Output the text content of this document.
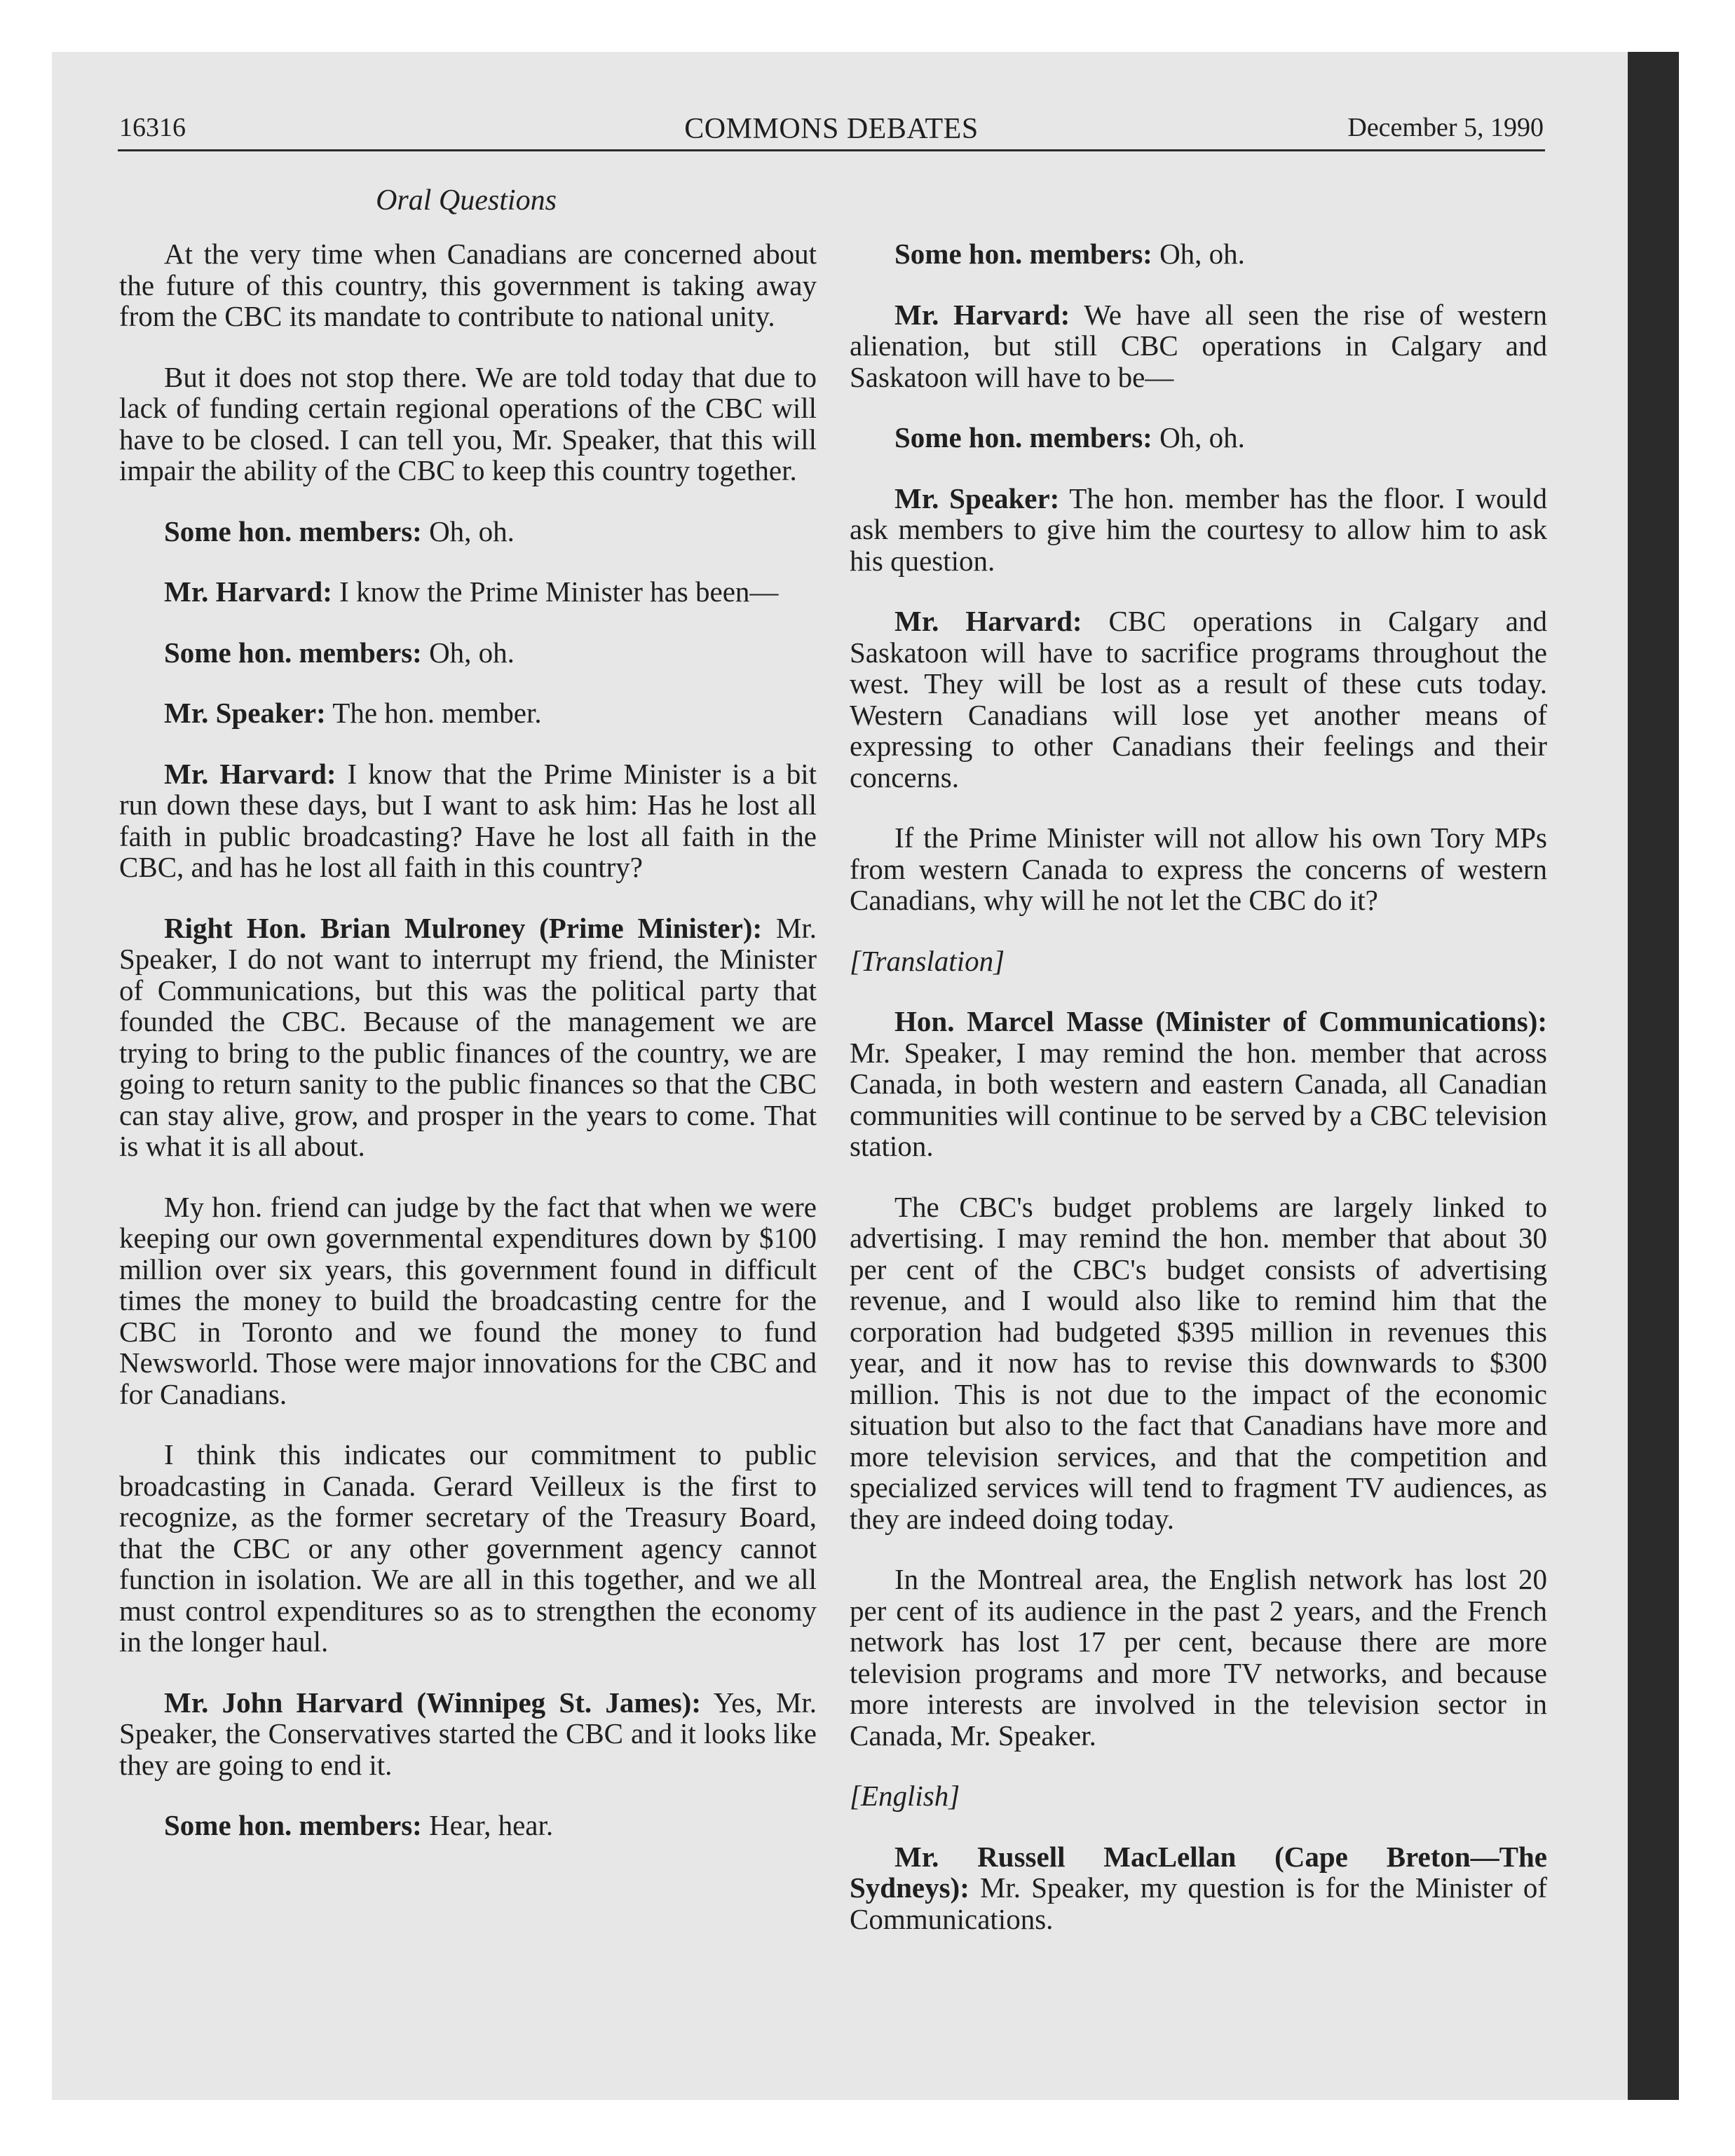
16316	COMMONS DEBATES	December 5, 1990
Oral Questions

At the very time when Canadians are concerned about the future of this country, this government is taking away from the CBC its mandate to contribute to national unity.

But it does not stop there. We are told today that due to lack of funding certain regional operations of the CBC will have to be closed. I can tell you, Mr. Speaker, that this will impair the ability of the CBC to keep this country together.

Some hon. members: Oh, oh.

Mr. Harvard: I know the Prime Minister has been—

Some hon. members: Oh, oh.

Mr. Speaker: The hon. member.

Mr. Harvard: I know that the Prime Minister is a bit run down these days, but I want to ask him: Has he lost all faith in public broadcasting? Have he lost all faith in the CBC, and has he lost all faith in this country?

Right Hon. Brian Mulroney (Prime Minister): Mr. Speaker, I do not want to interrupt my friend, the Minister of Communications, but this was the political party that founded the CBC. Because of the management we are trying to bring to the public finances of the country, we are going to return sanity to the public finances so that the CBC can stay alive, grow, and prosper in the years to come. That is what it is all about.

My hon. friend can judge by the fact that when we were keeping our own governmental expenditures down by $100 million over six years, this government found in difficult times the money to build the broadcasting centre for the CBC in Toronto and we found the money to fund Newsworld. Those were major innovations for the CBC and for Canadians.

I think this indicates our commitment to public broadcasting in Canada. Gerard Veilleux is the first to recognize, as the former secretary of the Treasury Board, that the CBC or any other government agency cannot function in isolation. We are all in this together, and we all must control expenditures so as to strengthen the economy in the longer haul.

Mr. John Harvard (Winnipeg St. James): Yes, Mr. Speaker, the Conservatives started the CBC and it looks like they are going to end it.

Some hon. members: Hear, hear.

Some hon. members: Oh, oh.

Mr. Harvard: We have all seen the rise of western alienation, but still CBC operations in Calgary and Saskatoon will have to be—

Some hon. members: Oh, oh.

Mr. Speaker: The hon. member has the floor. I would ask members to give him the courtesy to allow him to ask his question.

Mr. Harvard: CBC operations in Calgary and Saskatoon will have to sacrifice programs throughout the west. They will be lost as a result of these cuts today. Western Canadians will lose yet another means of expressing to other Canadians their feelings and their concerns.

If the Prime Minister will not allow his own Tory MPs from western Canada to express the concerns of western Canadians, why will he not let the CBC do it?

[Translation]

Hon. Marcel Masse (Minister of Communications): Mr. Speaker, I may remind the hon. member that across Canada, in both western and eastern Canada, all Canadian communities will continue to be served by a CBC television station.

The CBC's budget problems are largely linked to advertising. I may remind the hon. member that about 30 per cent of the CBC's budget consists of advertising revenue, and I would also like to remind him that the corporation had budgeted $395 million in revenues this year, and it now has to revise this downwards to $300 million. This is not due to the impact of the economic situation but also to the fact that Canadians have more and more television services, and that the competition and specialized services will tend to fragment TV audiences, as they are indeed doing today.

In the Montreal area, the English network has lost 20 per cent of its audience in the past 2 years, and the French network has lost 17 per cent, because there are more television programs and more TV networks, and because more interests are involved in the television sector in Canada, Mr. Speaker.

[English]

Mr. Russell MacLellan (Cape Breton—The Sydneys): Mr. Speaker, my question is for the Minister of Communications.
